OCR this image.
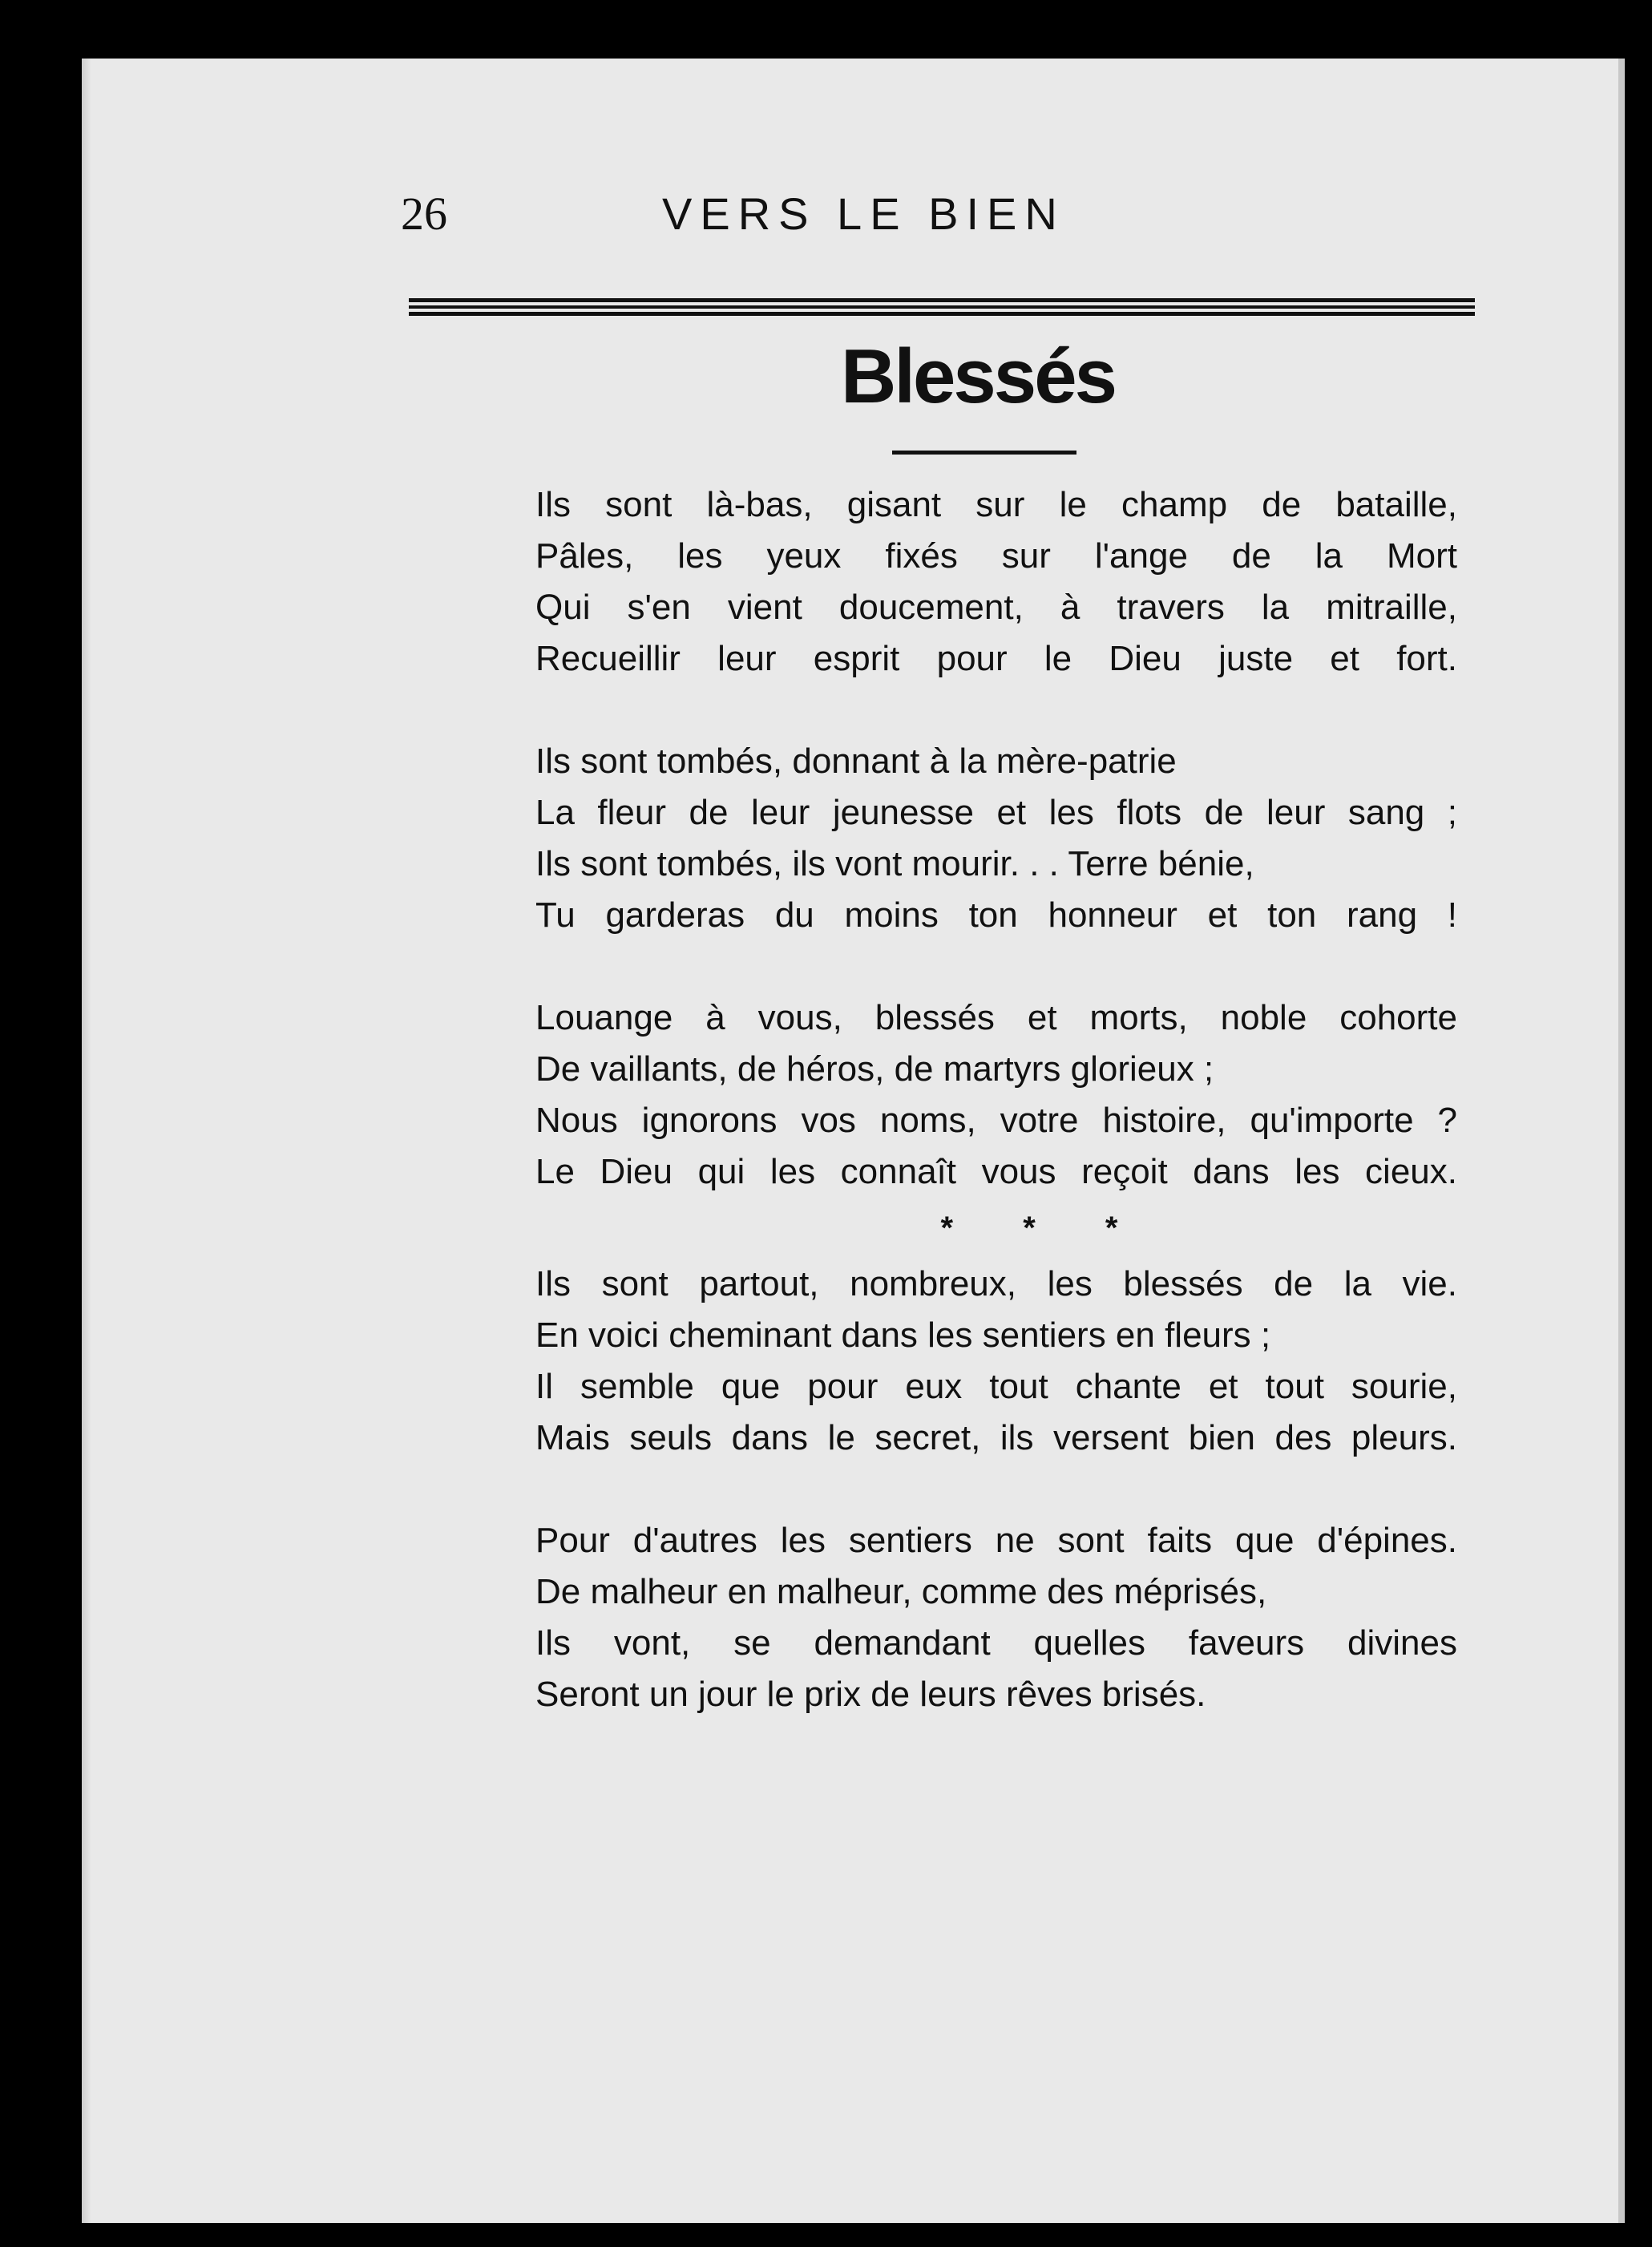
26	VERS LE BIEN
Blessés
Ils sont là-bas, gisant sur le champ de bataille,
Pâles, les yeux fixés sur l'ange de la Mort
Qui s'en vient doucement, à travers la mitraille,
Recueillir leur esprit pour le Dieu juste et fort.
Ils sont tombés, donnant à la mère-patrie
La fleur de leur jeunesse et les flots de leur sang ;
Ils sont tombés, ils vont mourir. . . Terre bénie,
Tu garderas du moins ton honneur et ton rang !
Louange à vous, blessés et morts, noble cohorte
De vaillants, de héros, de martyrs glorieux ;
Nous ignorons vos noms, votre histoire, qu'importe ?
Le Dieu qui les connaît vous reçoit dans les cieux.
* * *
Ils sont partout, nombreux, les blessés de la vie.
En voici cheminant dans les sentiers en fleurs ;
Il semble que pour eux tout chante et tout sourie,
Mais seuls dans le secret, ils versent bien des pleurs.
Pour d'autres les sentiers ne sont faits que d'épines.
De malheur en malheur, comme des méprisés,
Ils vont, se demandant quelles faveurs divines
Seront un jour le prix de leurs rêves brisés.
